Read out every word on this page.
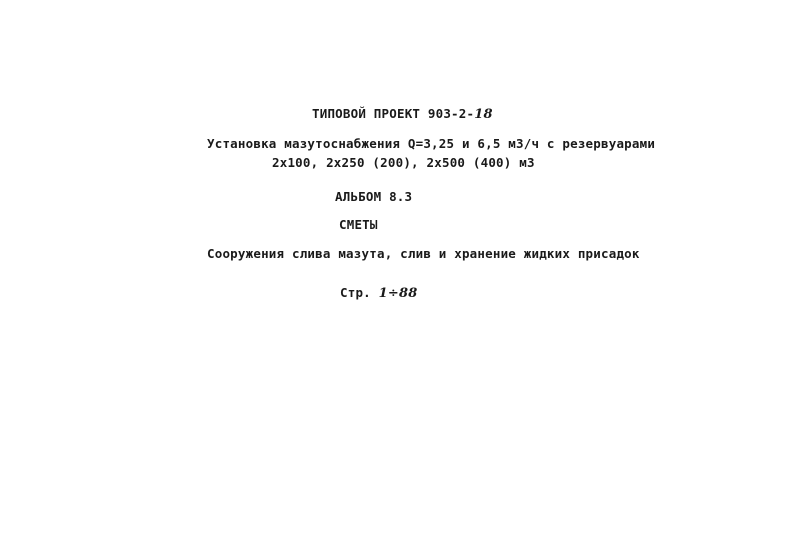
ТИПОВОЙ ПРОЕКТ 903-2-18
Установка мазутоснабжения Q=3,25 и 6,5 м3/ч с резервуарами
2х100, 2х250 (200), 2х500 (400) м3
АЛЬБОМ 8.3
СМЕТЫ
Сооружения слива мазута, слив и хранение жидких присадок
Стр. 1÷88
